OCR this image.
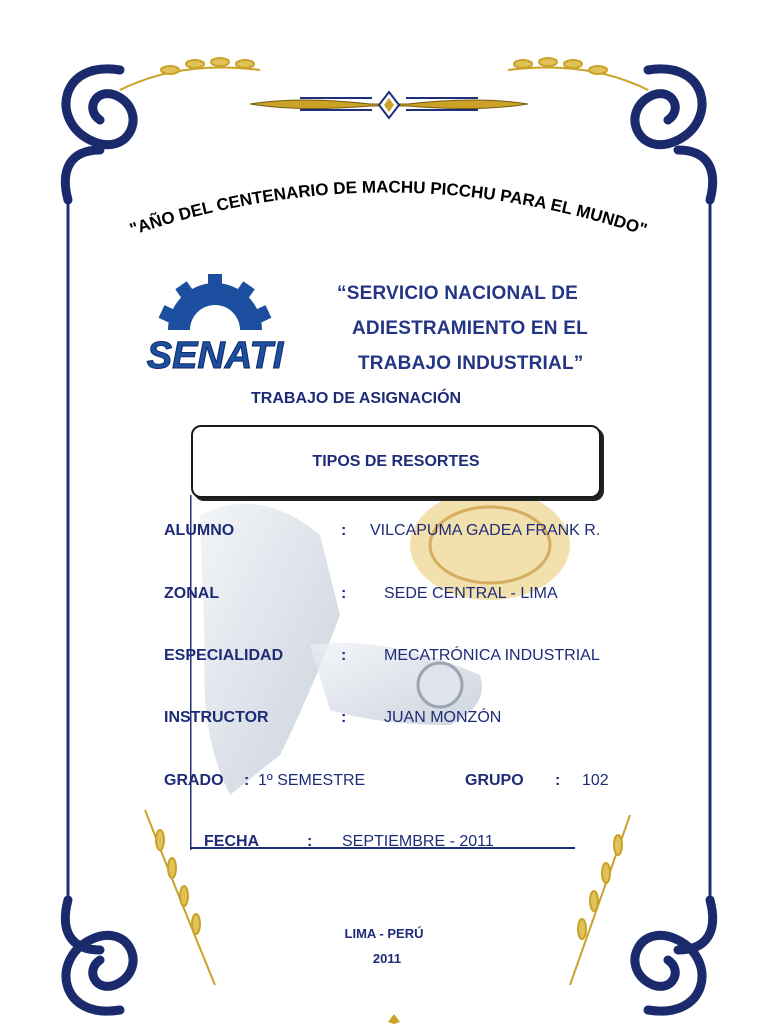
"AÑO DEL CENTENARIO DE MACHU PICCHU PARA EL MUNDO"
SENATI
“SERVICIO NACIONAL DE
ADIESTRAMIENTO EN EL
TRABAJO INDUSTRIAL”
TRABAJO DE ASIGNACIÓN
TIPOS DE RESORTES
ALUMNO	: VILCAPUMA GADEA FRANK R.
ZONAL	: SEDE CENTRAL - LIMA
ESPECIALIDAD	: MECATRÓNICA INDUSTRIAL
INSTRUCTOR	: JUAN MONZÓN
GRADO : 1º SEMESTRE	GRUPO : 102
FECHA	: SEPTIEMBRE - 2011
LIMA - PERÚ
2011
